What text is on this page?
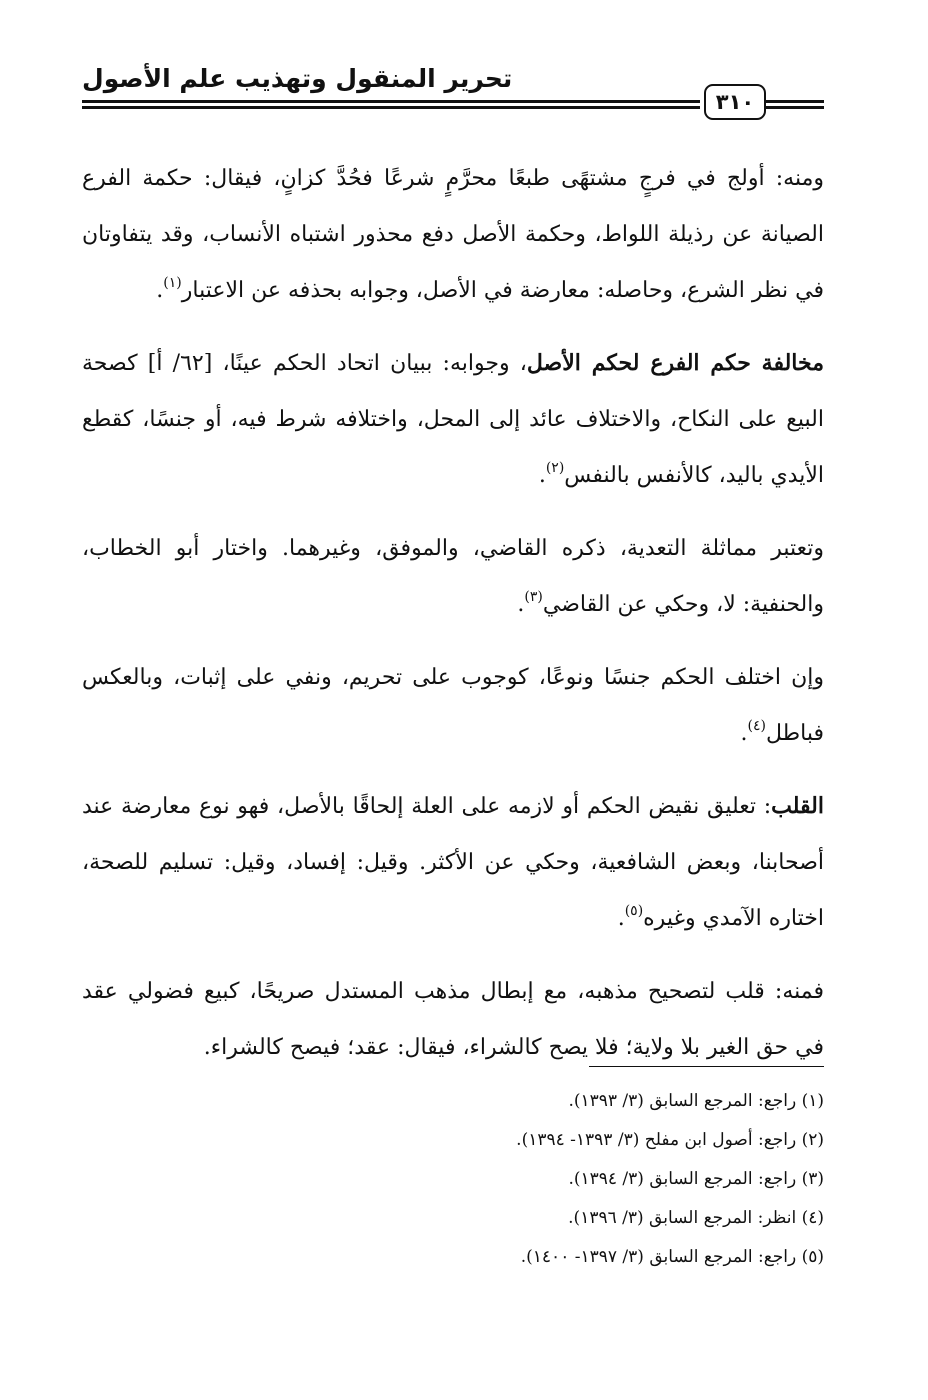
تحرير المنقول وتهذيب علم الأصول
٣١٠

ومنه: أولج في فرجٍ مشتهًى طبعًا محرَّمٍ شرعًا فحُدَّ كزانٍ، فيقال: حكمة الفرع الصيانة عن رذيلة اللواط، وحكمة الأصل دفع محذور اشتباه الأنساب، وقد يتفاوتان في نظر الشرع، وحاصله: معارضة في الأصل، وجوابه بحذفه عن الاعتبار$^{(١)}$.

مخالفة حكم الفرع لحكم الأصل، وجوابه: ببيان اتحاد الحكم عينًا، [٦٢/ أ] كصحة البيع على النكاح، والاختلاف عائد إلى المحل، واختلافه شرط فيه، أو جنسًا، كقطع الأيدي باليد، كالأنفس بالنفس$^{(٢)}$.

وتعتبر مماثلة التعدية، ذكره القاضي، والموفق، وغيرهما. واختار أبو الخطاب، والحنفية: لا، وحكي عن القاضي$^{(٣)}$.

وإن اختلف الحكم جنسًا ونوعًا، كوجوب على تحريم، ونفي على إثبات، وبالعكس فباطل$^{(٤)}$.

القلب: تعليق نقيض الحكم أو لازمه على العلة إلحاقًا بالأصل، فهو نوع معارضة عند أصحابنا، وبعض الشافعية، وحكي عن الأكثر. وقيل: إفساد، وقيل: تسليم للصحة، اختاره الآمدي وغيره$^{(٥)}$.

فمنه: قلب لتصحيح مذهبه، مع إبطال مذهب المستدل صريحًا، كبيع فضولي عقد في حق الغير بلا ولاية؛ فلا يصح كالشراء، فيقال: عقد؛ فيصح كالشراء.

(١) راجع: المرجع السابق (٣/ ١٣٩٣).

(٢) راجع: أصول ابن مفلح (٣/ ١٣٩٣- ١٣٩٤).

(٣) راجع: المرجع السابق (٣/ ١٣٩٤).

(٤) انظر: المرجع السابق (٣/ ١٣٩٦).

(٥) راجع: المرجع السابق (٣/ ١٣٩٧- ١٤٠٠).
